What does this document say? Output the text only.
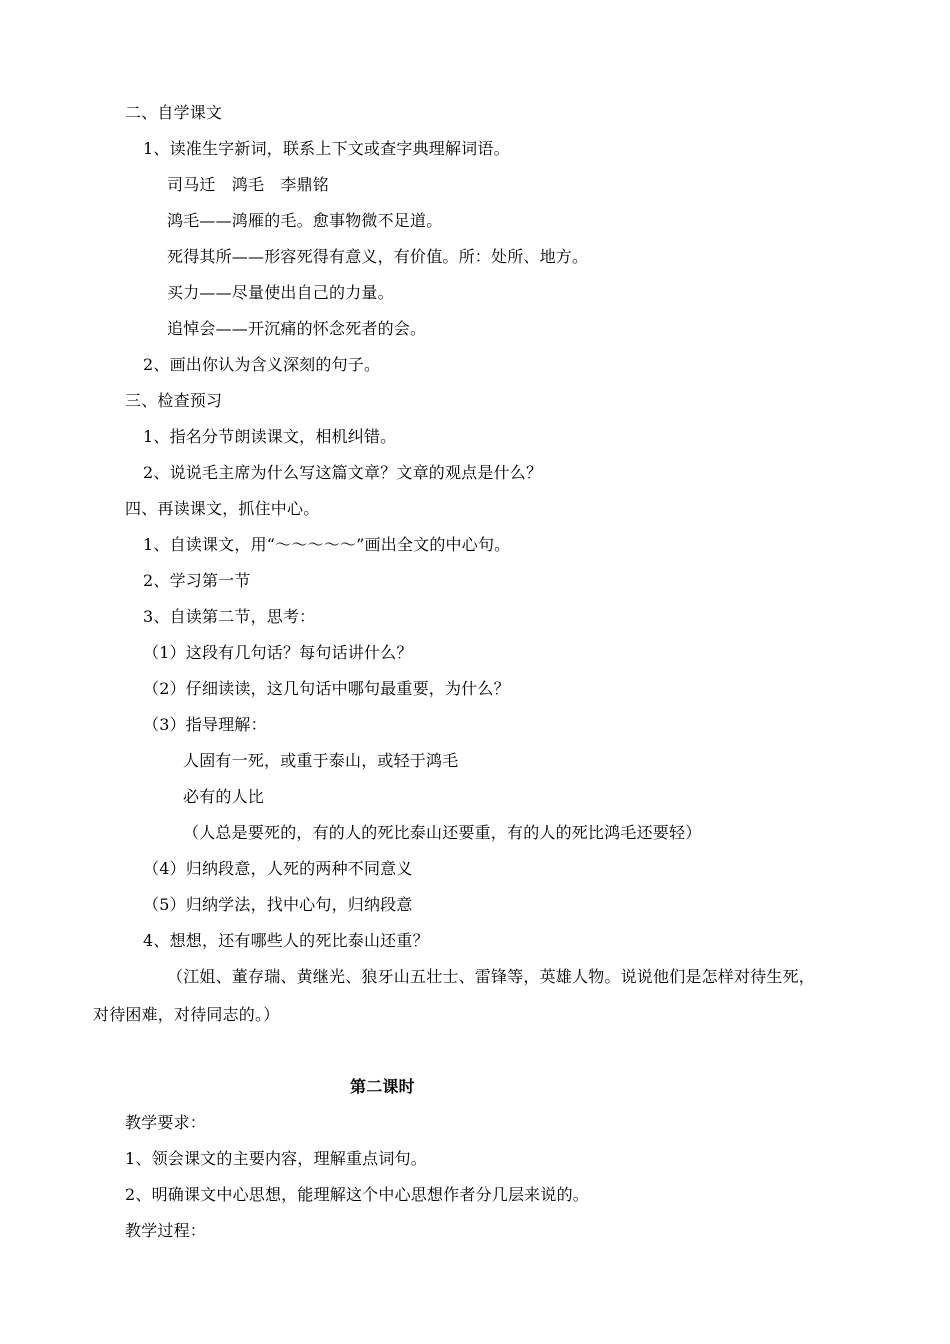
二、自学课文
1、读准生字新词，联系上下文或查字典理解词语。
司马迁　鸿毛　李鼎铭
鸿毛——鸿雁的毛。愈事物微不足道。
死得其所——形容死得有意义，有价值。所：处所、地方。
买力——尽量使出自己的力量。
追悼会——开沉痛的怀念死者的会。
2、画出你认为含义深刻的句子。
三、检查预习
1、指名分节朗读课文，相机纠错。
2、说说毛主席为什么写这篇文章？文章的观点是什么？
四、再读课文，抓住中心。
1、自读课文，用“～～～～～”画出全文的中心句。
2、学习第一节
3、自读第二节，思考：
（1）这段有几句话？每句话讲什么？
（2）仔细读读，这几句话中哪句最重要，为什么？
（3）指导理解：
人固有一死，或重于泰山，或轻于鸿毛
必有的人比
（人总是要死的，有的人的死比泰山还要重，有的人的死比鸿毛还要轻）
（4）归纳段意，人死的两种不同意义
（5）归纳学法，找中心句，归纳段意
4、想想，还有哪些人的死比泰山还重？
（江姐、董存瑞、黄继光、狼牙山五壮士、雷锋等，英雄人物。说说他们是怎样对待生死，
对待困难，对待同志的。）
第二课时
教学要求：
1、领会课文的主要内容，理解重点词句。
2、明确课文中心思想，能理解这个中心思想作者分几层来说的。
教学过程：
